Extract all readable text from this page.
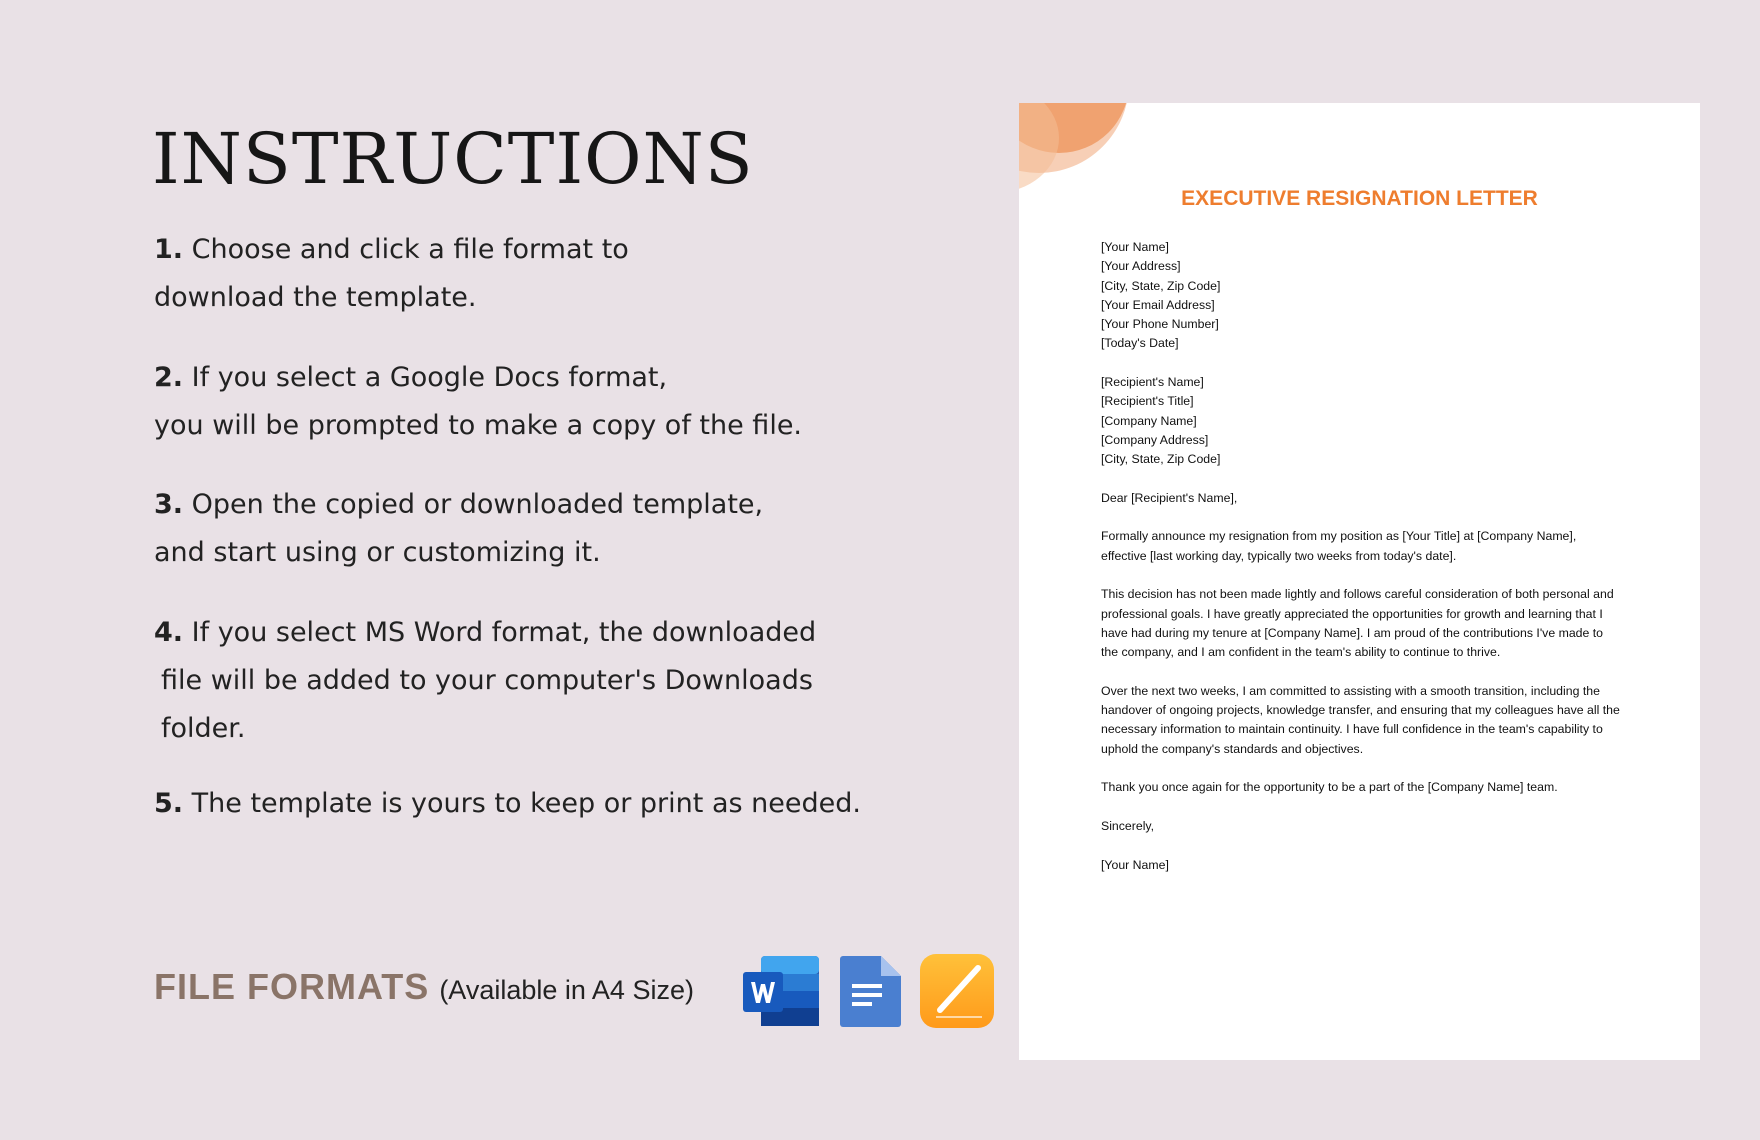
INSTRUCTIONS
1. Choose and click a file format to
download the template.
2. If you select a Google Docs format,
you will be prompted to make a copy of the file.
3. Open the copied or downloaded template,
and start using or customizing it.
4. If you select MS Word format, the downloaded
file will be added to your computer's Downloads
folder.
5. The template is yours to keep or print as needed.
FILE FORMATS (Available in A4 Size)
EXECUTIVE RESIGNATION LETTER
[Your Name]
[Your Address]
[City, State, Zip Code]
[Your Email Address]
[Your Phone Number]
[Today's Date]
[Recipient's Name]
[Recipient's Title]
[Company Name]
[Company Address]
[City, State, Zip Code]
Dear [Recipient's Name],
Formally announce my resignation from my position as [Your Title] at [Company Name],
effective [last working day, typically two weeks from today's date].
This decision has not been made lightly and follows careful consideration of both personal and
professional goals. I have greatly appreciated the opportunities for growth and learning that I
have had during my tenure at [Company Name]. I am proud of the contributions I've made to
the company, and I am confident in the team's ability to continue to thrive.
Over the next two weeks, I am committed to assisting with a smooth transition, including the
handover of ongoing projects, knowledge transfer, and ensuring that my colleagues have all the
necessary information to maintain continuity. I have full confidence in the team's capability to
uphold the company's standards and objectives.
Thank you once again for the opportunity to be a part of the [Company Name] team.
Sincerely,
[Your Name]
